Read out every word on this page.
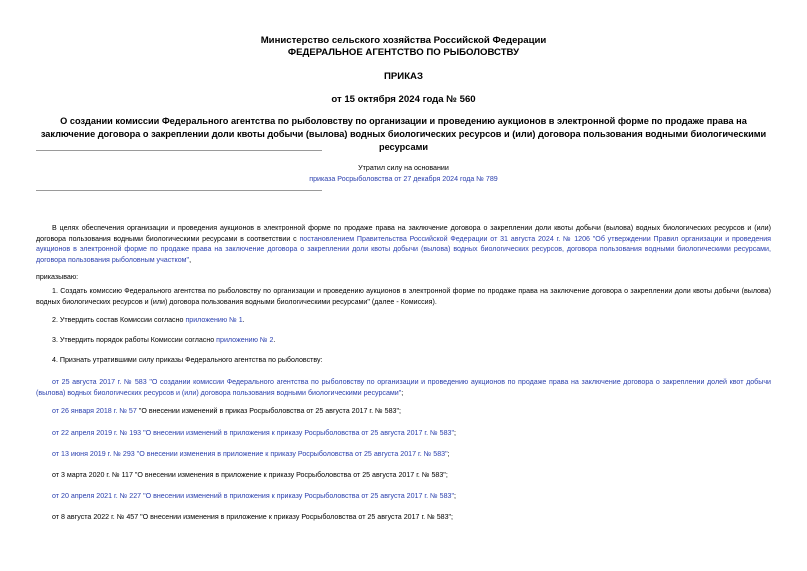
Министерство сельского хозяйства Российской Федерации
ФЕДЕРАЛЬНОЕ АГЕНТСТВО ПО РЫБОЛОВСТВУ
ПРИКАЗ
от 15 октября 2024 года № 560
О создании комиссии Федерального агентства по рыболовству по организации и проведению аукционов в электронной форме по продаже права на заключение договора о закреплении доли квоты добычи (вылова) водных биологических ресурсов и (или) договора пользования водными биологическими ресурсами
Утратил силу на основании
приказа Росрыболовства от 27 декабря 2024 года № 789
В целях обеспечения организации и проведения аукционов в электронной форме по продаже права на заключение договора о закреплении доли квоты добычи (вылова) водных биологических ресурсов и (или) договора пользования водными биологическими ресурсами в соответствии с постановлением Правительства Российской Федерации от 31 августа 2024 г. № 1206 "Об утверждении Правил организации и проведения аукционов в электронной форме по продаже права на заключение договора о закреплении доли квоты добычи (вылова) водных биологических ресурсов, договора пользования водными биологическими ресурсами, договора пользования рыболовным участком",
приказываю:
1. Создать комиссию Федерального агентства по рыболовству по организации и проведению аукционов в электронной форме по продаже права на заключение договора о закреплении доли квоты добычи (вылова) водных биологических ресурсов и (или) договора пользования водными биологическими ресурсами" (далее - Комиссия).
2. Утвердить состав Комиссии согласно приложению № 1.
3. Утвердить порядок работы Комиссии согласно приложению № 2.
4. Признать утратившими силу приказы Федерального агентства по рыболовству:
от 25 августа 2017 г. № 583 "О создании комиссии Федерального агентства по рыболовству по организации и проведению аукционов по продаже права на заключение договора о закреплении долей квот добычи (вылова) водных биологических ресурсов и (или) договора пользования водными биологическими ресурсами";
от 26 января 2018 г. № 57 "О внесении изменений в приказ Росрыболовства от 25 августа 2017 г. № 583";
от 22 апреля 2019 г. № 193 "О внесении изменений в приложения к приказу Росрыболовства от 25 августа 2017 г. № 583";
от 13 июня 2019 г. № 293 "О внесении изменения в приложение к приказу Росрыболовства от 25 августа 2017 г. № 583";
от 3 марта 2020 г. № 117 "О внесении изменения в приложение к приказу Росрыболовства от 25 августа 2017 г. № 583";
от 20 апреля 2021 г. № 227 "О внесении изменений в приложения к приказу Росрыболовства от 25 августа 2017 г. № 583";
от 8 августа 2022 г. № 457 "О внесении изменения в приложение к приказу Росрыболовства от 25 августа 2017 г. № 583";
